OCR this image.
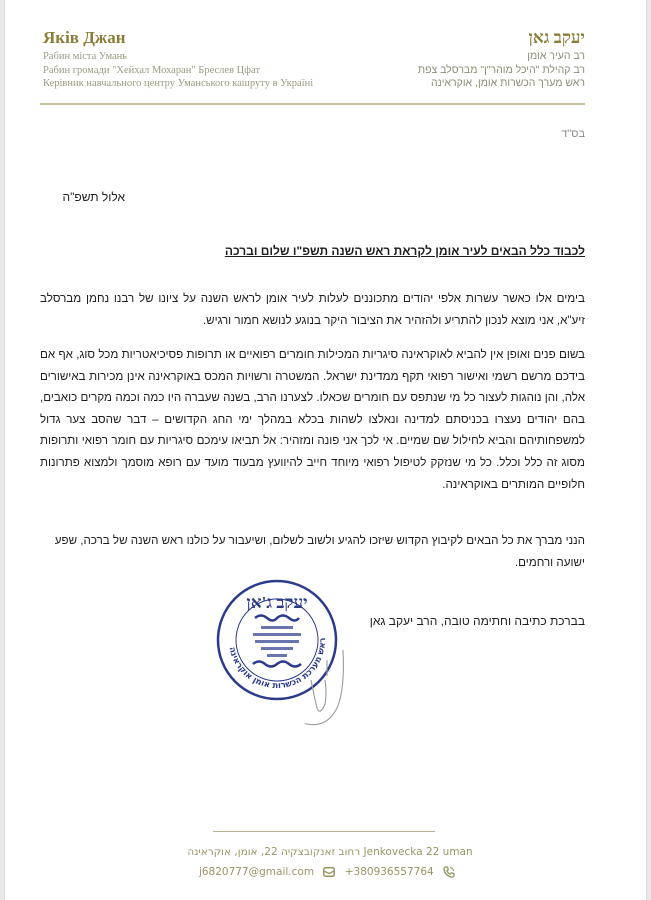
Яків Джан
Рабин міста Умань
Рабин громади "Хейхал Мохаран" Бреслев Цфат
Керівник навчального центру Уманського кашруту в Україні
יעקב גאן
רב העיר אומן
רב קהילת "היכל מוהר"ן" מברסלב צפת
ראש מערך הכשרות אומן, אוקראינה
בס"ד
אלול תשפ"ה
לכבוד כלל הבאים לעיר אומן לקראת ראש השנה תשפ"ו שלום וברכה
בימים אלו כאשר עשרות אלפי יהודים מתכוננים לעלות לעיר אומן לראש השנה על ציונו של רבנו נחמן מברסלב זיע"א, אני מוצא לנכון להתריע ולהזהיר את הציבור היקר בנוגע לנושא חמור ורגיש.
בשום פנים ואופן אין להביא לאוקראינה סיגריות המכילות חומרים רפואיים או תרופות פסיכיאטריות מכל סוג, אף אם בידכם מרשם רשמי ואישור רפואי תקף ממדינת ישראל. המשטרה ורשויות המכס באוקראינה אינן מכירות באישורים אלה, והן נוהגות לעצור כל מי שנתפס עם חומרים שכאלו. לצערנו הרב, בשנה שעברה היו כמה וכמה מקרים כואבים, בהם יהודים נעצרו בכניסתם למדינה ונאלצו לשהות בכלא במהלך ימי החג הקדושים – דבר שהסב צער גדול למשפחותיהם והביא לחילול שם שמיים. אי לכך אני פונה ומזהיר: אל תביאו עימכם סיגריות עם חומר רפואי ותרופות מסוג זה כלל וכלל. כל מי שנזקק לטיפול רפואי מיוחד חייב להיוועץ מבעוד מועד עם רופא מוסמך ולמצוא פתרונות חלופיים המותרים באוקראינה.
הנני מברך את כל הבאים לקיבוץ הקדוש שיזכו להגיע ולשוב לשלום, ושיעבור על כולנו ראש השנה של ברכה, שפע ישועה ורחמים.
בברכת כתיבה וחתימה טובה, הרב יעקב גאן
יעקב ג'אן
ראש מערכת הכשרות אומן אוקראינה
רחוב זאנקובצקיה 22, אומן, אוקראינה Jenkovecka 22 uman
j6820777@gmail.com	+380936557764
